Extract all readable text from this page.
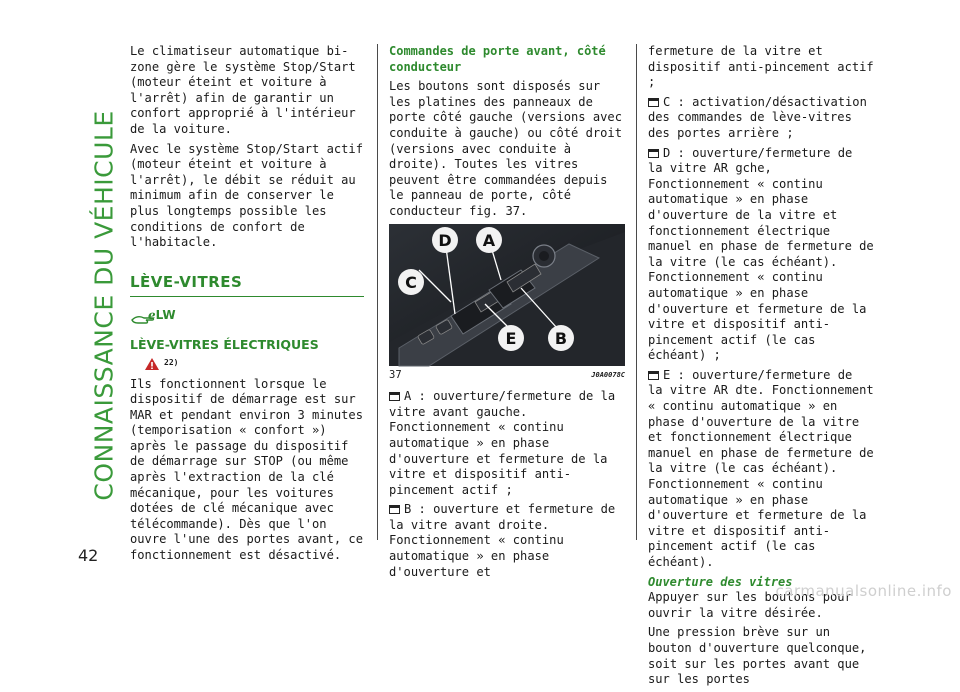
CONNAISSANCE DU VÉHICULE
42

Le climatiseur automatique bi-zone gère le système Stop/Start (moteur éteint et voiture à l'arrêt) afin de garantir un confort approprié à l'intérieur de la voiture.

Avec le système Stop/Start actif (moteur éteint et voiture à l'arrêt), le débit se réduit au minimum afin de conserver le plus longtemps possible les conditions de confort de l'habitacle.

LÈVE-VITRES
ℯLW
LÈVE-VITRES ÉLECTRIQUES
22)

Ils fonctionnent lorsque le dispositif de démarrage est sur MAR et pendant environ 3 minutes (temporisation « confort ») après le passage du dispositif de démarrage sur STOP (ou même après l'extraction de la clé mécanique, pour les voitures dotées de clé mécanique avec télécommande). Dès que l'on ouvre l'une des portes avant, ce fonctionnement est désactivé.

Commandes de porte avant, côté conducteur

Les boutons sont disposés sur les platines des panneaux de porte côté gauche (versions avec conduite à gauche) ou côté droit (versions avec conduite à droite). Toutes les vitres peuvent être commandées depuis le panneau de porte, côté conducteur fig. 37.

D A
C
E B
37	J0A0078C

A : ouverture/fermeture de la vitre avant gauche. Fonctionnement « continu automatique » en phase d'ouverture et fermeture de la vitre et dispositif anti-pincement actif ;

B : ouverture et fermeture de la vitre avant droite. Fonctionnement « continu automatique » en phase d'ouverture et

fermeture de la vitre et dispositif anti-pincement actif ;

C : activation/désactivation des commandes de lève-vitres des portes arrière ;

D : ouverture/fermeture de la vitre AR gche, Fonctionnement « continu automatique » en phase d'ouverture de la vitre et fonctionnement électrique manuel en phase de fermeture de la vitre (le cas échéant). Fonctionnement « continu automatique » en phase d'ouverture et fermeture de la vitre et dispositif anti-pincement actif (le cas échéant) ;

E : ouverture/fermeture de la vitre AR dte. Fonctionnement « continu automatique » en phase d'ouverture de la vitre et fonctionnement électrique manuel en phase de fermeture de la vitre (le cas échéant). Fonctionnement « continu automatique » en phase d'ouverture et fermeture de la vitre et dispositif anti-pincement actif (le cas échéant).

Ouverture des vitres

Appuyer sur les boutons pour ouvrir la vitre désirée.

Une pression brève sur un bouton d'ouverture quelconque, soit sur les portes avant que sur les portes

carmanualsonline.info
